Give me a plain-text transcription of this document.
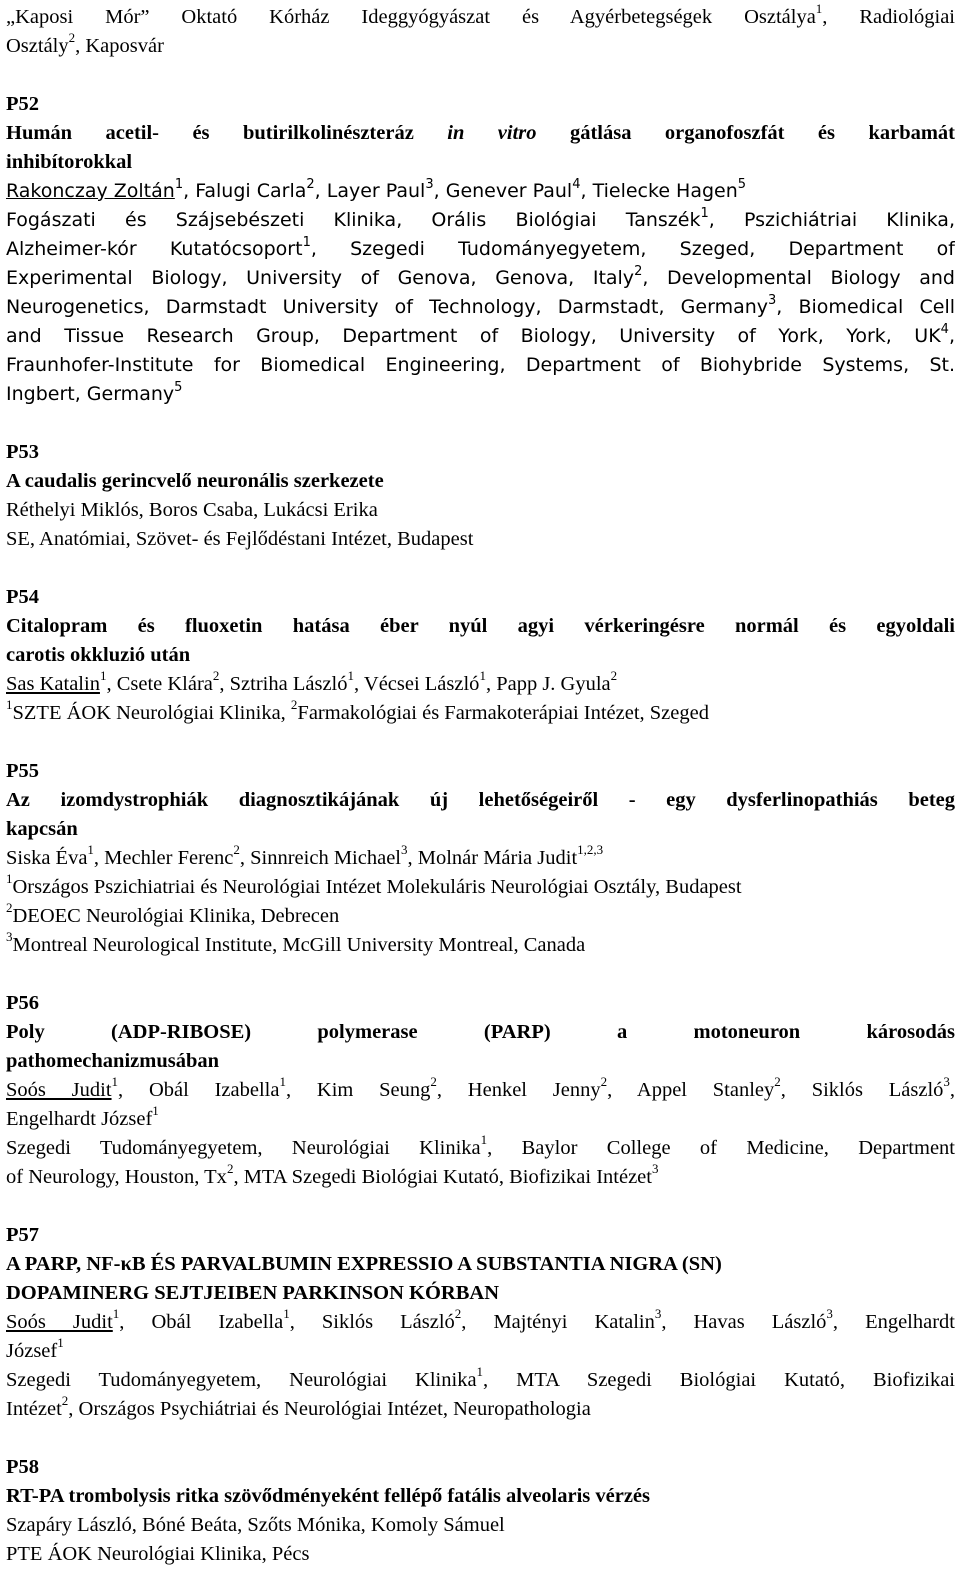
„Kaposi Mór” Oktató Kórház Ideggyógyászat és Agyérbetegségek Osztálya$^1$, Radiológiai
Osztály$^2$, Kaposvár
P52
Humán acetil- és butirilkolinészteráz in vitro gátlása organofoszfát és karbamát
inhibítorokkal
Rakonczay Zoltán$^1$, Falugi Carla$^2$, Layer Paul$^3$, Genever Paul$^4$, Tielecke Hagen$^5$
Fogászati és Szájsebészeti Klinika, Orális Biológiai Tanszék$^1$, Pszichiátriai Klinika,
Alzheimer-kór Kutatócsoport$^1$, Szegedi Tudományegyetem, Szeged, Department of
Experimental Biology, University of Genova, Genova, Italy$^2$, Developmental Biology and
Neurogenetics, Darmstadt University of Technology, Darmstadt, Germany$^3$, Biomedical Cell
and Tissue Research Group, Department of Biology, University of York, York, $UK^4$,
Fraunhofer-Institute for Biomedical Engineering, Department of Biohybride Systems, St.
Ingbert, Germany$^5$
P53
A caudalis gerincvelő neuronális szerkezete
Réthelyi Miklós, Boros Csaba, Lukácsi Erika
SE, Anatómiai, Szövet- és Fejlődéstani Intézet, Budapest
P54
Citalopram és fluoxetin hatása éber nyúl agyi vérkeringésre normál és egyoldali
carotis okkluzió után
Sas Katalin$^1$, Csete Klára$^2$, Sztriha László$^1$, Vécsei László$^1$, Papp J. Gyula$^2$
$^1$SZTE ÁOK Neurológiai Klinika, $^2$Farmakológiai és Farmakoterápiai Intézet, Szeged
P55
Az izomdystrophiák diagnosztikájának új lehetőségeiről - egy dysferlinopathiás beteg
kapcsán
Siska Éva$^1$, Mechler Ferenc$^2$, Sinnreich Michael$^3$, Molnár Mária Judit$^{1,2,3}$
$^1$Országos Pszichiatriai és Neurológiai Intézet Molekuláris Neurológiai Osztály, Budapest
$^2$DEOEC Neurológiai Klinika, Debrecen
$^3$Montreal Neurological Institute, McGill University Montreal, Canada
P56
Poly (ADP-RIBOSE) polymerase (PARP) a motoneuron károsodás
pathomechanizmusában
Soós Judit$^1$, Obál Izabella$^1$, Kim Seung$^2$, Henkel Jenny$^2$, Appel Stanley$^2$, Siklós László$^3$,
Engelhardt József$^1$
Szegedi Tudományegyetem, Neurológiai Klinika$^1$, Baylor College of Medicine, Department
of Neurology, Houston, Tx$^2$, MTA Szegedi Biológiai Kutató, Biofizikai Intézet$^3$
P57
A PARP, NF-κB ÉS PARVALBUMIN EXPRESSIO A SUBSTANTIA NIGRA (SN)
DOPAMINERG SEJTJEIBEN PARKINSON KÓRBAN
Soós Judit$^1$, Obál Izabella$^1$, Siklós László$^2$, Majtényi Katalin$^3$, Havas László$^3$, Engelhardt
József$^1$
Szegedi Tudományegyetem, Neurológiai Klinika$^1$, MTA Szegedi Biológiai Kutató, Biofizikai
Intézet$^2$, Országos Psychiátriai és Neurológiai Intézet, Neuropathologia
P58
RT-PA trombolysis ritka szövődményeként fellépő fatális alveolaris vérzés
Szapáry László, Bóné Beáta, Szőts Mónika, Komoly Sámuel
PTE ÁOK Neurológiai Klinika, Pécs
